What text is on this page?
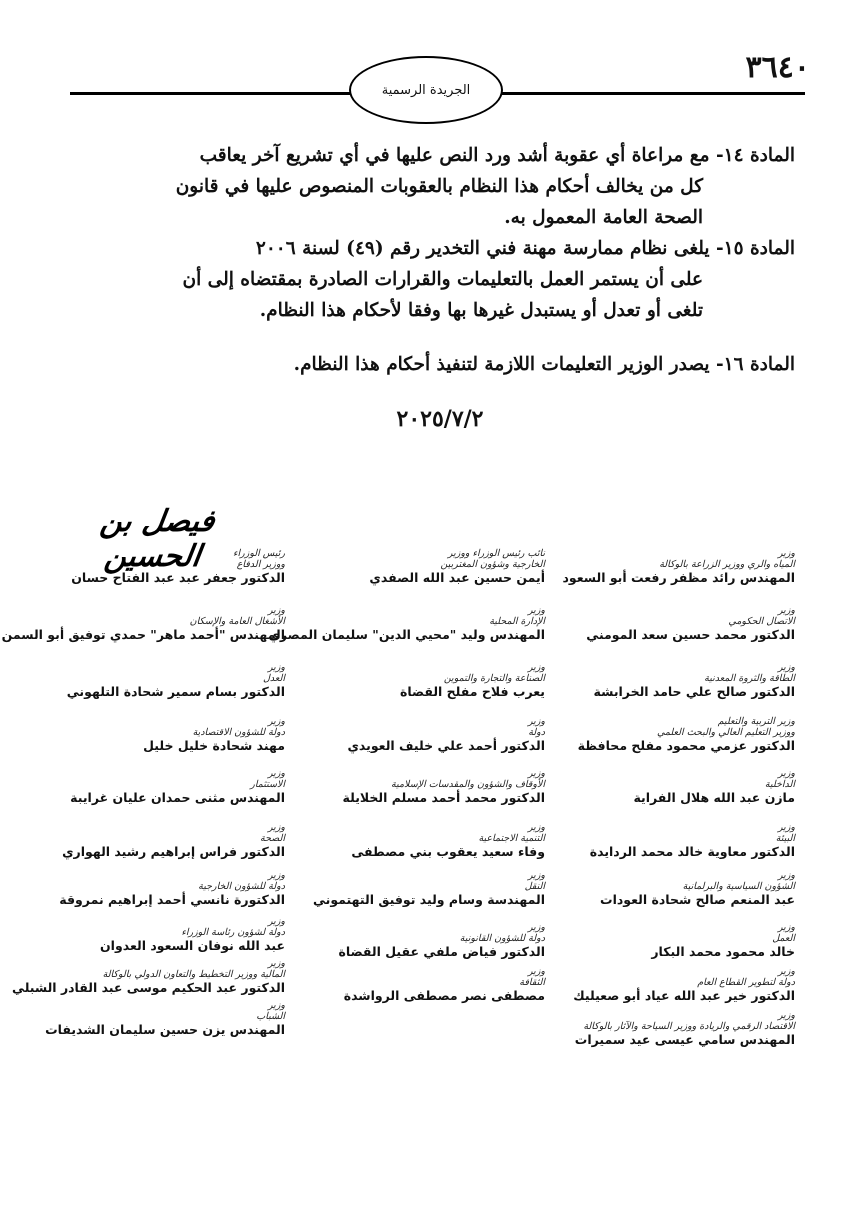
٣٦٤٠
الجريدة الرسمية

المادة ١٤- مع مراعاة أي عقوبة أشد ورد النص عليها في أي تشريع آخر يعاقب
كل من يخالف أحكام هذا النظام بالعقوبات المنصوص عليها في قانون
الصحة العامة المعمول به.

المادة ١٥- يلغى نظام ممارسة مهنة فني التخدير رقم (٤٩) لسنة ٢٠٠٦
على أن يستمر العمل بالتعليمات والقرارات الصادرة بمقتضاه إلى أن
تلغى أو تعدل أو يستبدل غيرها بها وفقا لأحكام هذا النظام.

المادة ١٦- يصدر الوزير التعليمات اللازمة لتنفيذ أحكام هذا النظام.

٢٠٢٥/٧/٢
فيصل بن الحسين	وزير
المياه والري ووزير الزراعة بالوكالة
المهندس رائد مظفر رفعت أبو السعود
نائب رئيس الوزراء ووزير
الخارجية وشؤون المغتربين
أيمن حسين عبد الله الصفدي
رئيس الوزراء
ووزير الدفاع
الدكتور جعفر عبد عبد الفتاح حسان
وزير
الاتصال الحكومي
الدكتور محمد حسين سعد المومني
وزير
الإدارة المحلية
المهندس وليد "محيي الدين" سليمان المصري
وزير
الأشغال العامة والإسكان
المهندس "أحمد ماهر" حمدي توفيق أبو السمن
وزير
الطاقة والثروة المعدنية
الدكتور صالح علي حامد الخرابشة
وزير
الصناعة والتجارة والتموين
يعرب فلاح مفلح القضاة
وزير
العدل
الدكتور بسام سمير شحادة التلهوني
وزير التربية والتعليم
ووزير التعليم العالي والبحث العلمي
الدكتور عزمي محمود مفلح محافظة
وزير
دولة
الدكتور أحمد علي خليف العويدي
وزير
دولة للشؤون الاقتصادية
مهند شحادة خليل خليل
وزير
الداخلية
مازن عبد الله هلال الفراية
وزير
الأوقاف والشؤون والمقدسات الإسلامية
الدكتور محمد أحمد مسلم الخلايلة
وزير
الاستثمار
المهندس مثنى حمدان عليان غرايبة
وزير
البيئة
الدكتور معاوية خالد محمد الردايدة
وزير
التنمية الاجتماعية
وفاء سعيد يعقوب بني مصطفى
وزير
الصحة
الدكتور فراس إبراهيم رشيد الهواري
وزير
الشؤون السياسية والبرلمانية
عبد المنعم صالح شحادة العودات
وزير
النقل
المهندسة وسام وليد توفيق التهتموني
وزير
دولة للشؤون الخارجية
الدكتورة نانسي أحمد إبراهيم نمروقة
وزير
العمل
خالد محمود محمد البكار
وزير
دولة للشؤون القانونية
الدكتور فياض ملفي عقيل القضاة
وزير
دولة لشؤون رئاسة الوزراء
عبد الله نوفان السعود العدوان
وزير
دولة لتطوير القطاع العام
الدكتور خير عبد الله عياد أبو صعيليك
وزير
الثقافة
مصطفى نصر مصطفى الرواشدة
وزير
المالية ووزير التخطيط والتعاون الدولي بالوكالة
الدكتور عبد الحكيم موسى عبد القادر الشبلي
وزير
الاقتصاد الرقمي والريادة ووزير السياحة والآثار بالوكالة
المهندس سامي عيسى عيد سميرات
وزير
الشباب
المهندس يزن حسين سليمان الشديفات
